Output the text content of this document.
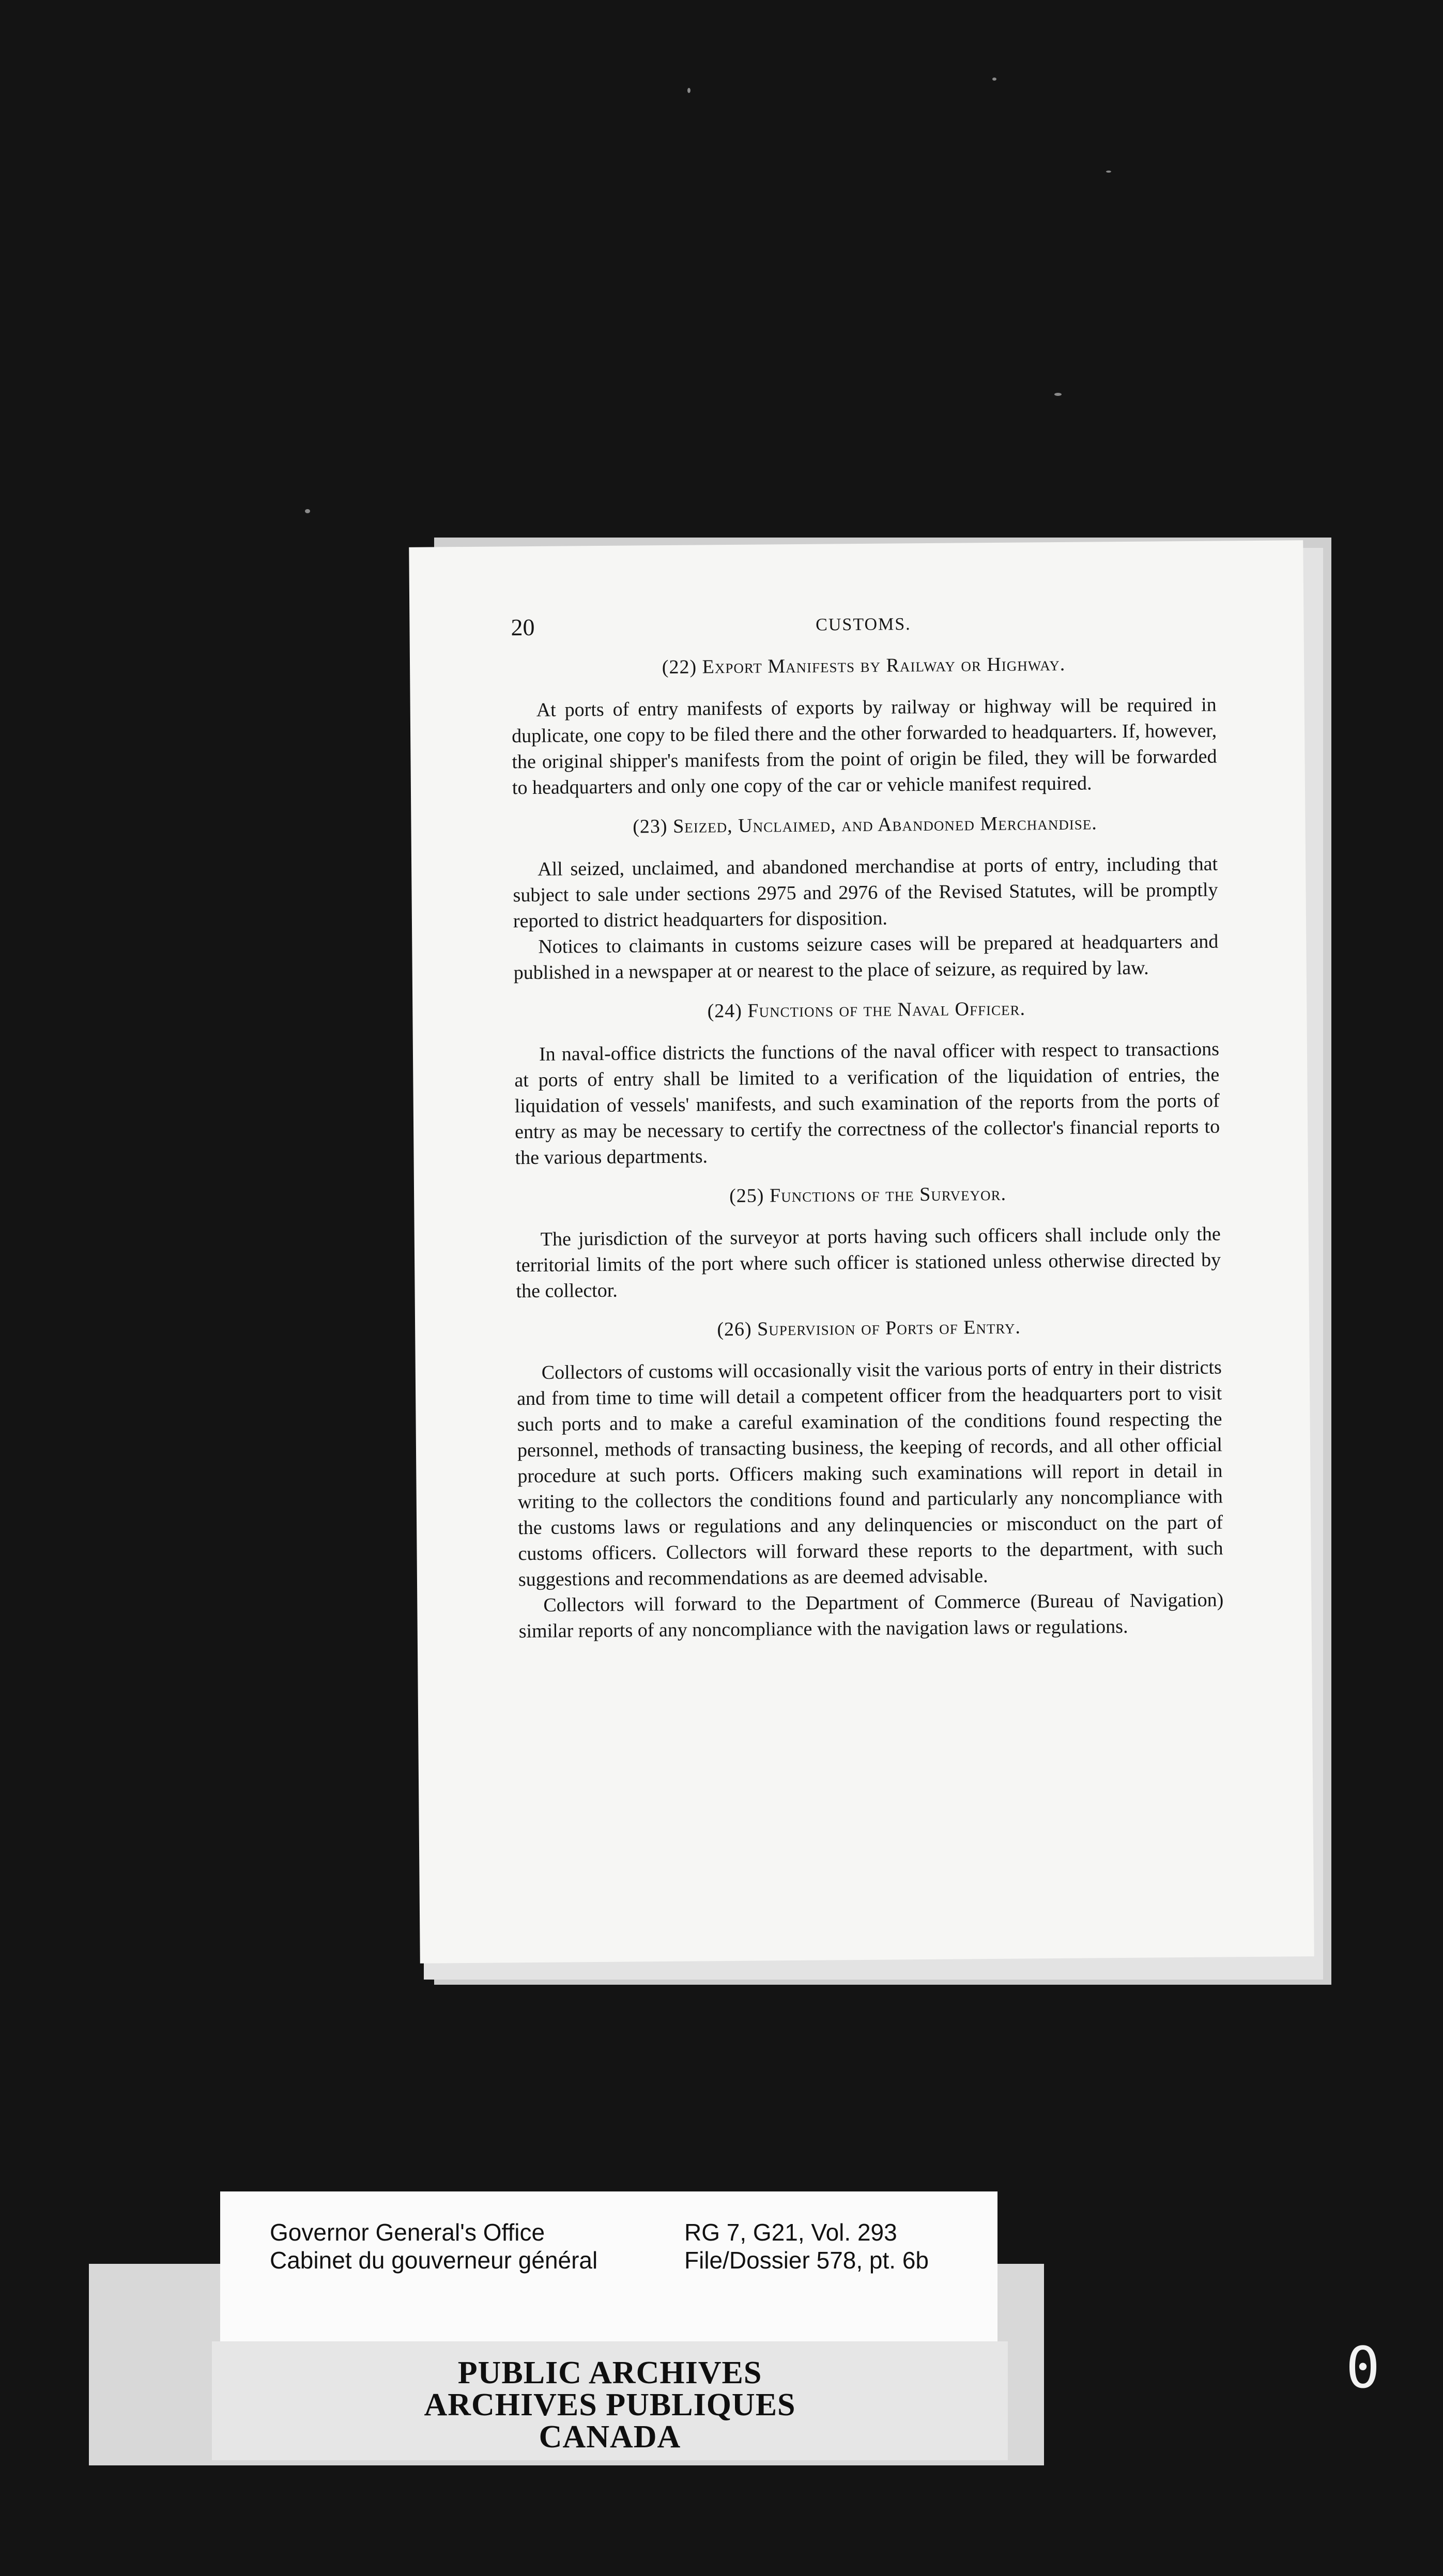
20	CUSTOMS.

(22) Export Manifests by Railway or Highway.

At ports of entry manifests of exports by railway or highway will be required in duplicate, one copy to be filed there and the other forwarded to headquarters. If, however, the original shipper's manifests from the point of origin be filed, they will be forwarded to headquarters and only one copy of the car or vehicle manifest required.

(23) Seized, Unclaimed, and Abandoned Merchandise.

All seized, unclaimed, and abandoned merchandise at ports of entry, including that subject to sale under sections 2975 and 2976 of the Revised Statutes, will be promptly reported to district headquarters for disposition.

Notices to claimants in customs seizure cases will be prepared at headquarters and published in a newspaper at or nearest to the place of seizure, as required by law.

(24) Functions of the Naval Officer.

In naval-office districts the functions of the naval officer with respect to transactions at ports of entry shall be limited to a verification of the liquidation of entries, the liquidation of vessels' manifests, and such examination of the reports from the ports of entry as may be necessary to certify the correctness of the collector's financial reports to the various departments.

(25) Functions of the Surveyor.

The jurisdiction of the surveyor at ports having such officers shall include only the territorial limits of the port where such officer is stationed unless otherwise directed by the collector.

(26) Supervision of Ports of Entry.

Collectors of customs will occasionally visit the various ports of entry in their districts and from time to time will detail a competent officer from the headquarters port to visit such ports and to make a careful examination of the conditions found respecting the personnel, methods of transacting business, the keeping of records, and all other official procedure at such ports. Officers making such examinations will report in detail in writing to the collectors the conditions found and particularly any noncompliance with the customs laws or regulations and any delinquencies or misconduct on the part of customs officers. Collectors will forward these reports to the department, with such suggestions and recommendations as are deemed advisable.

Collectors will forward to the Department of Commerce (Bureau of Navigation) similar reports of any noncompliance with the navigation laws or regulations.

Governor General's Office	RG 7, G21, Vol. 293
Cabinet du gouverneur général	File/Dossier 578, pt. 6b
PUBLIC ARCHIVES
ARCHIVES PUBLIQUES
CANADA
0
